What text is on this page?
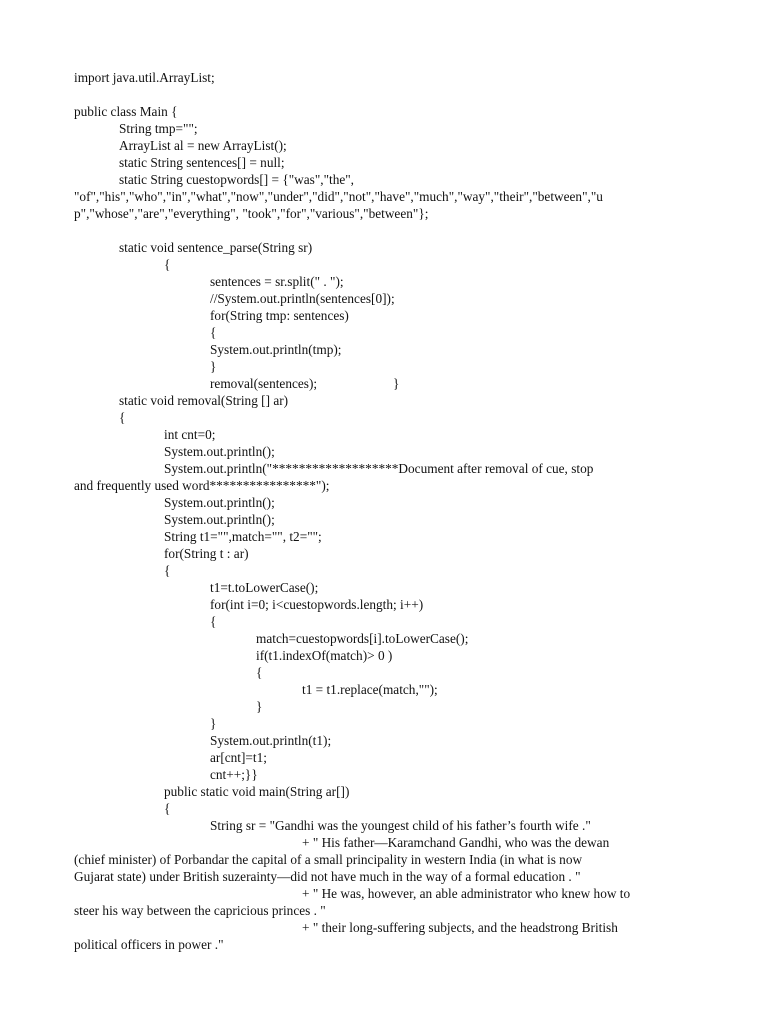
import java.util.ArrayList;
public class Main {
String tmp="";
ArrayList al = new ArrayList();
static String sentences[] = null;
static String cuestopwords[] = {"was","the",
"of","his","who","in","what","now","under","did","not","have","much","way","their","between","u
p","whose","are","everything", "took","for","various","between"};
static void sentence_parse(String sr)
{
sentences = sr.split(" . ");
//System.out.println(sentences[0]);
for(String tmp: sentences)
{
System.out.println(tmp);
}
removal(sentences);	}
static void removal(String [] ar)
{
int cnt=0;
System.out.println();
System.out.println("*******************Document after removal of cue, stop
and frequently used word****************");
System.out.println();
System.out.println();
String t1="",match="", t2="";
for(String t : ar)
{
t1=t.toLowerCase();
for(int i=0; i<cuestopwords.length; i++)
{
match=cuestopwords[i].toLowerCase();
if(t1.indexOf(match)> 0 )
{
t1 = t1.replace(match,"");
}
}
System.out.println(t1);
ar[cnt]=t1;
cnt++;}}
public static void main(String ar[])
{
String sr = "Gandhi was the youngest child of his father’s fourth wife ."
+ " His father—Karamchand Gandhi, who was the dewan
(chief minister) of Porbandar the capital of a small principality in western India (in what is now
Gujarat state) under British suzerainty—did not have much in the way of a formal education . "
+ " He was, however, an able administrator who knew how to
steer his way between the capricious princes . "
+ " their long-suffering subjects, and the headstrong British
political officers in power ."
